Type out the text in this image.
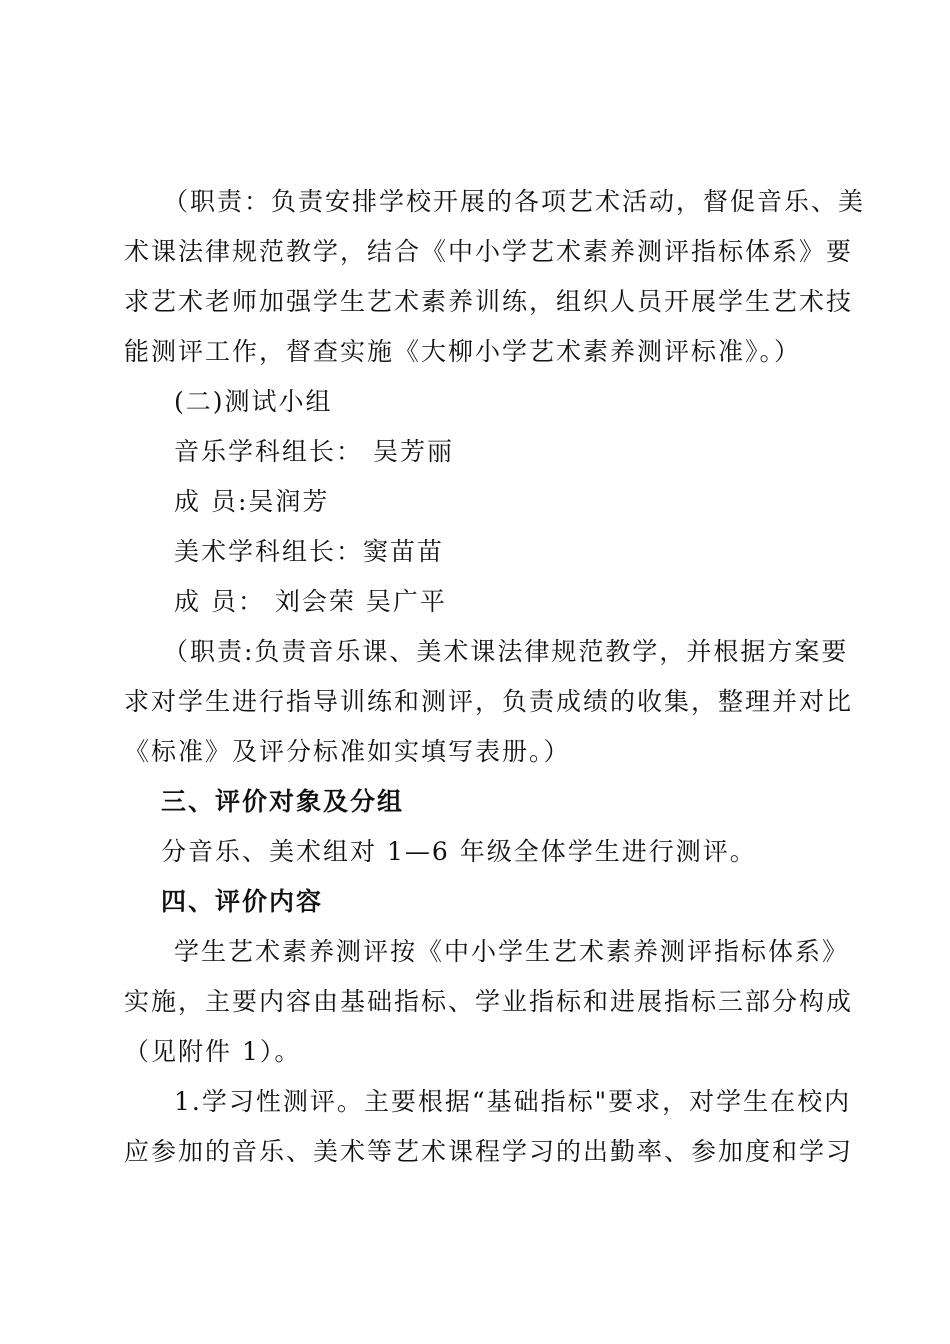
（职责：负责安排学校开展的各项艺术活动，督促音乐、美
术课法律规范教学，结合《中小学艺术素养测评指标体系》要
求艺术老师加强学生艺术素养训练，组织人员开展学生艺术技
能测评工作，督查实施《大柳小学艺术素养测评标准》。）
(二)测试小组
音乐学科组长： 吴芳丽
成 员:吴润芳
美术学科组长：窦苗苗
成 员： 刘会荣 吴广平
（职责:负责音乐课、美术课法律规范教学，并根据方案要
求对学生进行指导训练和测评，负责成绩的收集，整理并对比
《标准》及评分标准如实填写表册。）
三、评价对象及分组
分音乐、美术组对 1—6 年级全体学生进行测评。
四、评价内容
学生艺术素养测评按《中小学生艺术素养测评指标体系》
实施，主要内容由基础指标、学业指标和进展指标三部分构成
（见附件 1）。
1.学习性测评。主要根据“基础指标"要求，对学生在校内
应参加的音乐、美术等艺术课程学习的出勤率、参加度和学习
